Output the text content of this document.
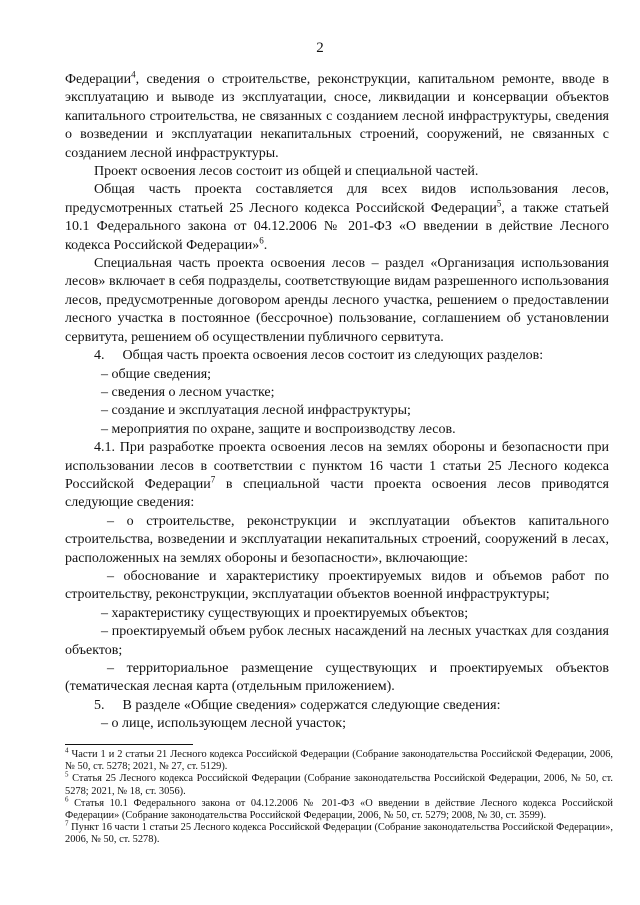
2

Федерации$^4$, сведения о строительстве, реконструкции, капитальном ремонте, вводе в эксплуатацию и выводе из эксплуатации, сносе, ликвидации и консервации объектов капитального строительства, не связанных с созданием лесной инфраструктуры, сведения о возведении и эксплуатации некапитальных строений, сооружений, не связанных с созданием лесной инфраструктуры.

Проект освоения лесов состоит из общей и специальной частей.

Общая часть проекта составляется для всех видов использования лесов, предусмотренных статьей 25 Лесного кодекса Российской Федерации$^5$, а также статьей 10.1 Федерального закона от 04.12.2006 № 201-ФЗ «О введении в действие Лесного кодекса Российской Федерации»$^6$.

Специальная часть проекта освоения лесов – раздел «Организация использования лесов» включает в себя подразделы, соответствующие видам разрешенного использования лесов, предусмотренные договором аренды лесного участка, решением о предоставлении лесного участка в постоянное (бессрочное) пользование, соглашением об установлении сервитута, решением об осуществлении публичного сервитута.

4. Общая часть проекта освоения лесов состоит из следующих разделов:

– общие сведения;

– сведения о лесном участке;

– создание и эксплуатация лесной инфраструктуры;

– мероприятия по охране, защите и воспроизводству лесов.

4.1. При разработке проекта освоения лесов на землях обороны и безопасности при использовании лесов в соответствии с пунктом 16 части 1 статьи 25 Лесного кодекса Российской Федерации$^7$ в специальной части проекта освоения лесов приводятся следующие сведения:

– о строительстве, реконструкции и эксплуатации объектов капитального строительства, возведении и эксплуатации некапитальных строений, сооружений в лесах, расположенных на землях обороны и безопасности», включающие:

– обоснование и характеристику проектируемых видов и объемов работ по строительству, реконструкции, эксплуатации объектов военной инфраструктуры;

– характеристику существующих и проектируемых объектов;

– проектируемый объем рубок лесных насаждений на лесных участках для создания объектов;

– территориальное размещение существующих и проектируемых объектов (тематическая лесная карта (отдельным приложением).

5. В разделе «Общие сведения» содержатся следующие сведения:

– о лице, использующем лесной участок;

$^4$ Части 1 и 2 статьи 21 Лесного кодекса Российской Федерации (Собрание законодательства Российской Федерации, 2006, № 50, ст. 5278; 2021, № 27, ст. 5129).

$^5$ Статья 25 Лесного кодекса Российской Федерации (Собрание законодательства Российской Федерации, 2006, № 50, ст. 5278; 2021, № 18, ст. 3056).

$^6$ Статья 10.1 Федерального закона от 04.12.2006 № 201-ФЗ «О введении в действие Лесного кодекса Российской Федерации» (Собрание законодательства Российской Федерации, 2006, № 50, ст. 5279; 2008, № 30, ст. 3599).

$^7$ Пункт 16 части 1 статьи 25 Лесного кодекса Российской Федерации (Собрание законодательства Российской Федерации», 2006, № 50, ст. 5278).
